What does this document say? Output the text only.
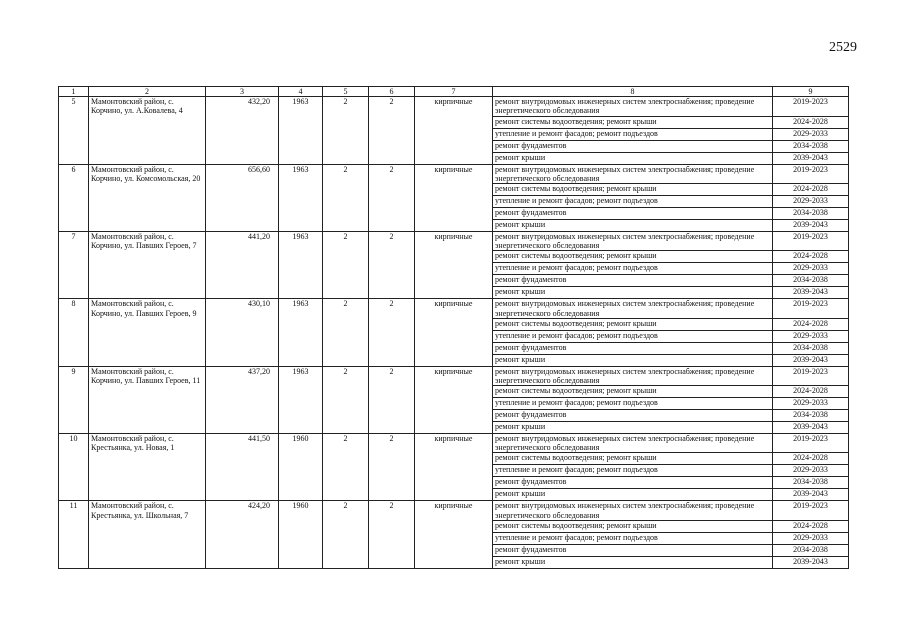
2529
1	2	3	4	5	6	7	8	9
5	Мамонтовский район, с. Корчино, ул. А.Ковалева, 4	432,20	1963	2	2	кирпичные	ремонт внутридомовых инженерных систем электроснабжения; проведение энергетического обследования	2019-2023
							ремонт системы водоотведения; ремонт крыши	2024-2028
							утепление и ремонт фасадов; ремонт подъездов	2029-2033
							ремонт фундаментов	2034-2038
							ремонт крыши	2039-2043
6	Мамонтовский район, с. Корчино, ул. Комсомольская, 20	656,60	1963	2	2	кирпичные	ремонт внутридомовых инженерных систем электроснабжения; проведение энергетического обследования	2019-2023
							ремонт системы водоотведения; ремонт крыши	2024-2028
							утепление и ремонт фасадов; ремонт подъездов	2029-2033
							ремонт фундаментов	2034-2038
							ремонт крыши	2039-2043
7	Мамонтовский район, с. Корчино, ул. Павших Героев, 7	441,20	1963	2	2	кирпичные	ремонт внутридомовых инженерных систем электроснабжения; проведение энергетического обследования	2019-2023
							ремонт системы водоотведения; ремонт крыши	2024-2028
							утепление и ремонт фасадов; ремонт подъездов	2029-2033
							ремонт фундаментов	2034-2038
							ремонт крыши	2039-2043
8	Мамонтовский район, с. Корчино, ул. Павших Героев, 9	430,10	1963	2	2	кирпичные	ремонт внутридомовых инженерных систем электроснабжения; проведение энергетического обследования	2019-2023
							ремонт системы водоотведения; ремонт крыши	2024-2028
							утепление и ремонт фасадов; ремонт подъездов	2029-2033
							ремонт фундаментов	2034-2038
							ремонт крыши	2039-2043
9	Мамонтовский район, с. Корчино, ул. Павших Героев, 11	437,20	1963	2	2	кирпичные	ремонт внутридомовых инженерных систем электроснабжения; проведение энергетического обследования	2019-2023
							ремонт системы водоотведения; ремонт крыши	2024-2028
							утепление и ремонт фасадов; ремонт подъездов	2029-2033
							ремонт фундаментов	2034-2038
							ремонт крыши	2039-2043
10	Мамонтовский район, с. Крестьянка, ул. Новая, 1	441,50	1960	2	2	кирпичные	ремонт внутридомовых инженерных систем электроснабжения; проведение энергетического обследования	2019-2023
							ремонт системы водоотведения; ремонт крыши	2024-2028
							утепление и ремонт фасадов; ремонт подъездов	2029-2033
							ремонт фундаментов	2034-2038
							ремонт крыши	2039-2043
11	Мамонтовский район, с. Крестьянка, ул. Школьная, 7	424,20	1960	2	2	кирпичные	ремонт внутридомовых инженерных систем электроснабжения; проведение энергетического обследования	2019-2023
							ремонт системы водоотведения; ремонт крыши	2024-2028
							утепление и ремонт фасадов; ремонт подъездов	2029-2033
							ремонт фундаментов	2034-2038
							ремонт крыши	2039-2043
